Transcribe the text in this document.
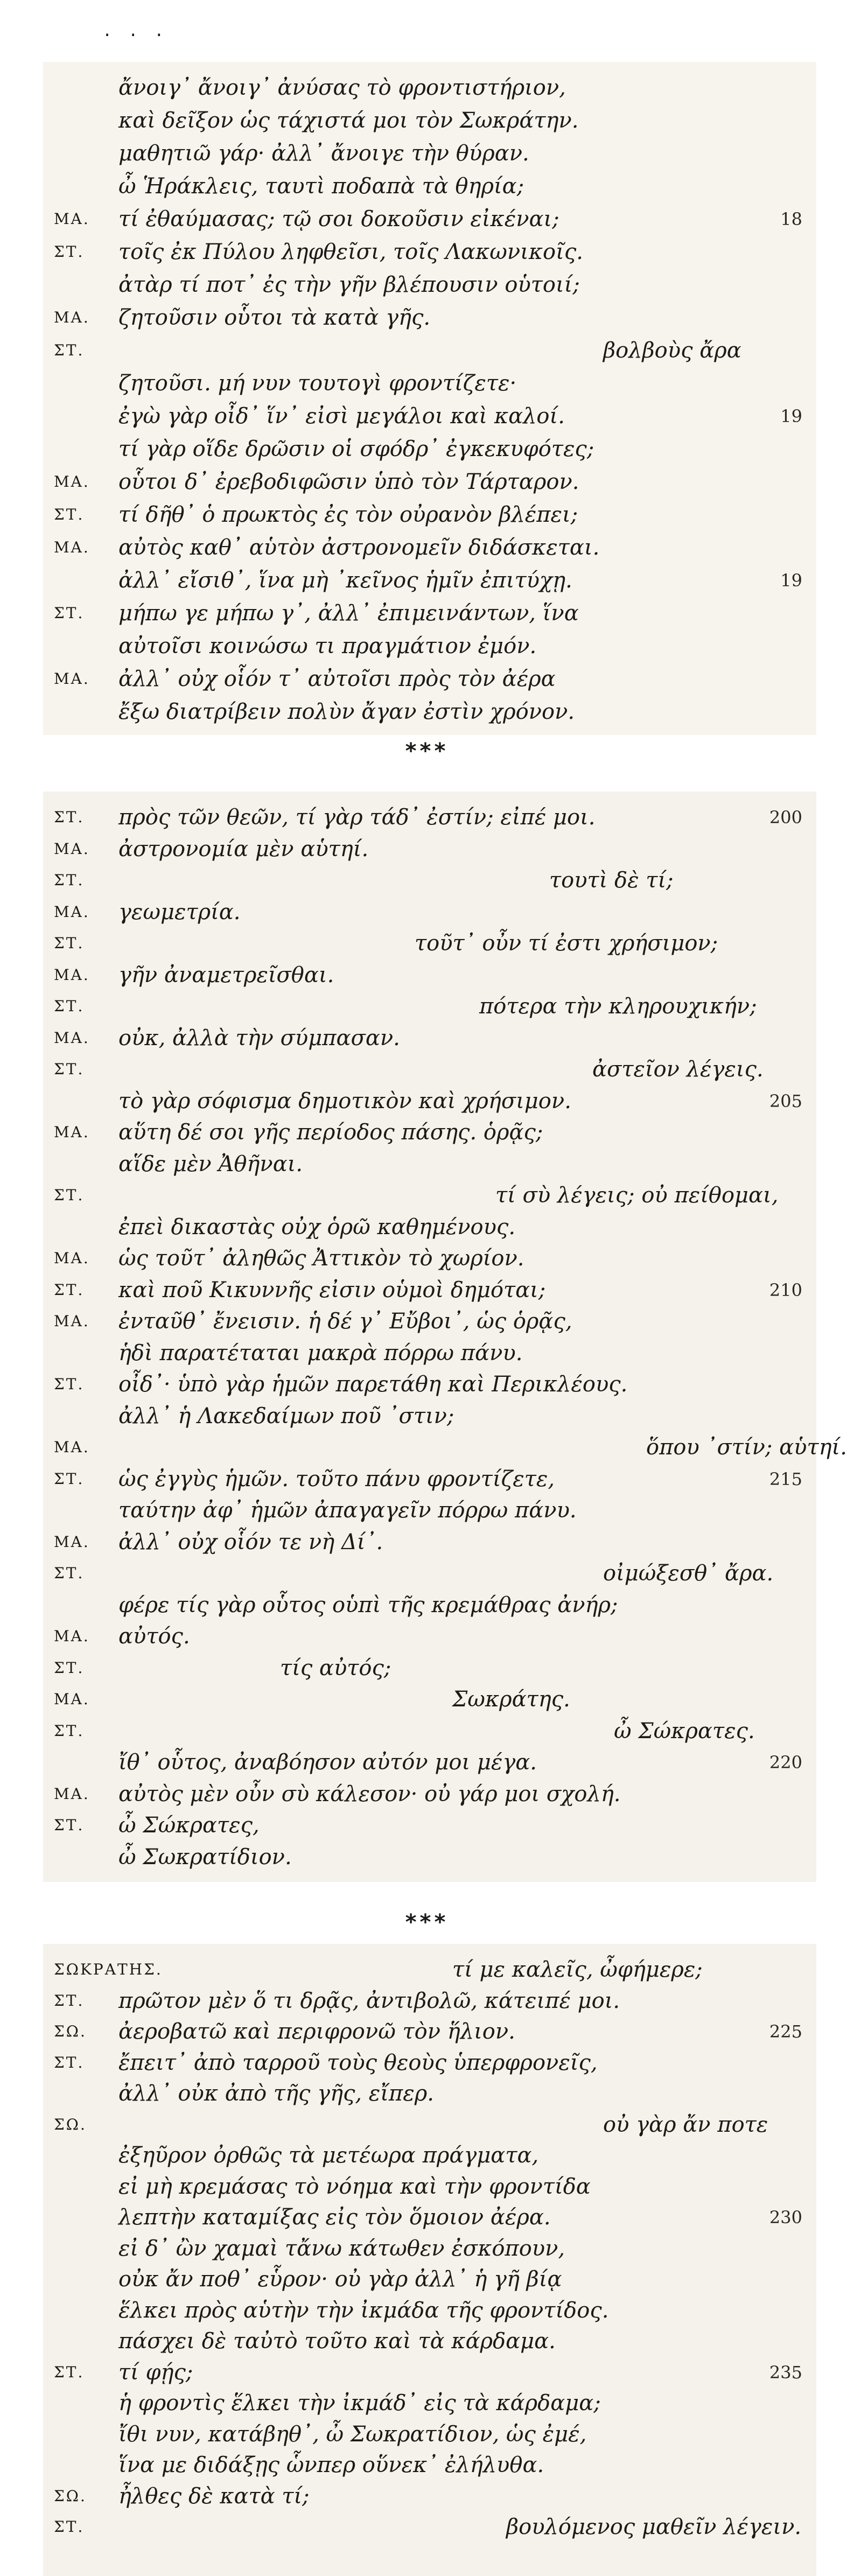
. . .
ἄνοιγ᾽ ἄνοιγ᾽ ἀνύσας τὸ φροντιστήριον,
καὶ δεῖξον ὡς τάχιστά μοι τὸν Σωκράτην.
μαθητιῶ γάρ· ἀλλ᾽ ἄνοιγε τὴν θύραν.
ὦ Ἡράκλεις, ταυτὶ ποδαπὰ τὰ θηρία;
ΜΑ. τί ἐθαύμασας; τῷ σοι δοκοῦσιν εἰκέναι;	18
ΣΤ. τοῖς ἐκ Πύλου ληφθεῖσι, τοῖς Λακωνικοῖς.
ἀτὰρ τί ποτ᾽ ἐς τὴν γῆν βλέπουσιν οὑτοιί;
ΜΑ. ζητοῦσιν οὗτοι τὰ κατὰ γῆς.
ΣΤ.	βολβοὺς ἄρα
ζητοῦσι. μή νυν τουτογὶ φροντίζετε·
ἐγὼ γὰρ οἶδ᾽ ἵν᾽ εἰσὶ μεγάλοι καὶ καλοί.	19
τί γὰρ οἵδε δρῶσιν οἱ σφόδρ᾽ ἐγκεκυφότες;
ΜΑ. οὗτοι δ᾽ ἐρεβοδιφῶσιν ὑπὸ τὸν Τάρταρον.
ΣΤ. τί δῆθ᾽ ὁ πρωκτὸς ἐς τὸν οὐρανὸν βλέπει;
ΜΑ. αὐτὸς καθ᾽ αὑτὸν ἀστρονομεῖν διδάσκεται.
ἀλλ᾽ εἴσιθ᾽, ἵνα μὴ ᾽κεῖνος ἡμῖν ἐπιτύχῃ.	19
ΣΤ. μήπω γε μήπω γ᾽, ἀλλ᾽ ἐπιμεινάντων, ἵνα
αὐτοῖσι κοινώσω τι πραγμάτιον ἐμόν.
ΜΑ. ἀλλ᾽ οὐχ οἷόν τ᾽ αὐτοῖσι πρὸς τὸν ἀέρα
ἔξω διατρίβειν πολὺν ἄγαν ἐστὶν χρόνον.
***
ΣΤ. πρὸς τῶν θεῶν, τί γὰρ τάδ᾽ ἐστίν; εἰπέ μοι.	200
ΜΑ. ἀστρονομία μὲν αὑτηί.
ΣΤ.	τουτὶ δὲ τί;
ΜΑ. γεωμετρία.
ΣΤ.	τοῦτ᾽ οὖν τί ἐστι χρήσιμον;
ΜΑ. γῆν ἀναμετρεῖσθαι.
ΣΤ.	πότερα τὴν κληρουχικήν;
ΜΑ. οὐκ, ἀλλὰ τὴν σύμπασαν.
ΣΤ.	ἀστεῖον λέγεις.
τὸ γὰρ σόφισμα δημοτικὸν καὶ χρήσιμον.	205
ΜΑ. αὕτη δέ σοι γῆς περίοδος πάσης. ὁρᾷς;
αἵδε μὲν Ἀθῆναι.
ΣΤ.	τί σὺ λέγεις; οὐ πείθομαι,
ἐπεὶ δικαστὰς οὐχ ὁρῶ καθημένους.
ΜΑ. ὡς τοῦτ᾽ ἀληθῶς Ἀττικὸν τὸ χωρίον.
ΣΤ. καὶ ποῦ Κικυννῆς εἰσιν οὑμοὶ δημόται;	210
ΜΑ. ἐνταῦθ᾽ ἔνεισιν. ἡ δέ γ᾽ Εὔβοι᾽, ὡς ὁρᾷς,
ἡδὶ παρατέταται μακρὰ πόρρω πάνυ.
ΣΤ. οἶδ᾽· ὑπὸ γὰρ ἡμῶν παρετάθη καὶ Περικλέους.
ἀλλ᾽ ἡ Λακεδαίμων ποῦ ᾽στιν;
ΜΑ.	ὅπου ᾽στίν; αὑτηί.
ΣΤ. ὡς ἐγγὺς ἡμῶν. τοῦτο πάνυ φροντίζετε,	215
ταύτην ἀφ᾽ ἡμῶν ἀπαγαγεῖν πόρρω πάνυ.
ΜΑ. ἀλλ᾽ οὐχ οἷόν τε νὴ Δί᾽.
ΣΤ.	οἰμώξεσθ᾽ ἄρα.
φέρε τίς γὰρ οὗτος οὑπὶ τῆς κρεμάθρας ἀνήρ;
ΜΑ. αὐτός.
ΣΤ.	τίς αὐτός;
ΜΑ.	Σωκράτης.
ΣΤ.	ὦ Σώκρατες.
ἴθ᾽ οὗτος, ἀναβόησον αὐτόν μοι μέγα.	220
ΜΑ. αὐτὸς μὲν οὖν σὺ κάλεσον· οὐ γάρ μοι σχολή.
ΣΤ. ὦ Σώκρατες,
ὦ Σωκρατίδιον.
***
ΣΩΚΡΑΤΗΣ.	τί με καλεῖς, ὦφήμερε;
ΣΤ. πρῶτον μὲν ὅ τι δρᾷς, ἀντιβολῶ, κάτειπέ μοι.
ΣΩ. ἀεροβατῶ καὶ περιφρονῶ τὸν ἥλιον.	225
ΣΤ. ἔπειτ᾽ ἀπὸ ταρροῦ τοὺς θεοὺς ὑπερφρονεῖς,
ἀλλ᾽ οὐκ ἀπὸ τῆς γῆς, εἴπερ.
ΣΩ.	οὐ γὰρ ἄν ποτε
ἐξηῦρον ὀρθῶς τὰ μετέωρα πράγματα,
εἰ μὴ κρεμάσας τὸ νόημα καὶ τὴν φροντίδα
λεπτὴν καταμίξας εἰς τὸν ὅμοιον ἀέρα.	230
εἰ δ᾽ ὢν χαμαὶ τἄνω κάτωθεν ἐσκόπουν,
οὐκ ἄν ποθ᾽ εὗρον· οὐ γὰρ ἀλλ᾽ ἡ γῆ βίᾳ
ἕλκει πρὸς αὑτὴν τὴν ἰκμάδα τῆς φροντίδος.
πάσχει δὲ ταὐτὸ τοῦτο καὶ τὰ κάρδαμα.
ΣΤ. τί φῄς;	235
ἡ φροντὶς ἕλκει τὴν ἰκμάδ᾽ εἰς τὰ κάρδαμα;
ἴθι νυν, κατάβηθ᾽, ὦ Σωκρατίδιον, ὡς ἐμέ,
ἵνα με διδάξῃς ὧνπερ οὕνεκ᾽ ἐλήλυθα.
ΣΩ. ἦλθες δὲ κατὰ τί;
ΣΤ.	βουλόμενος μαθεῖν λέγειν.
